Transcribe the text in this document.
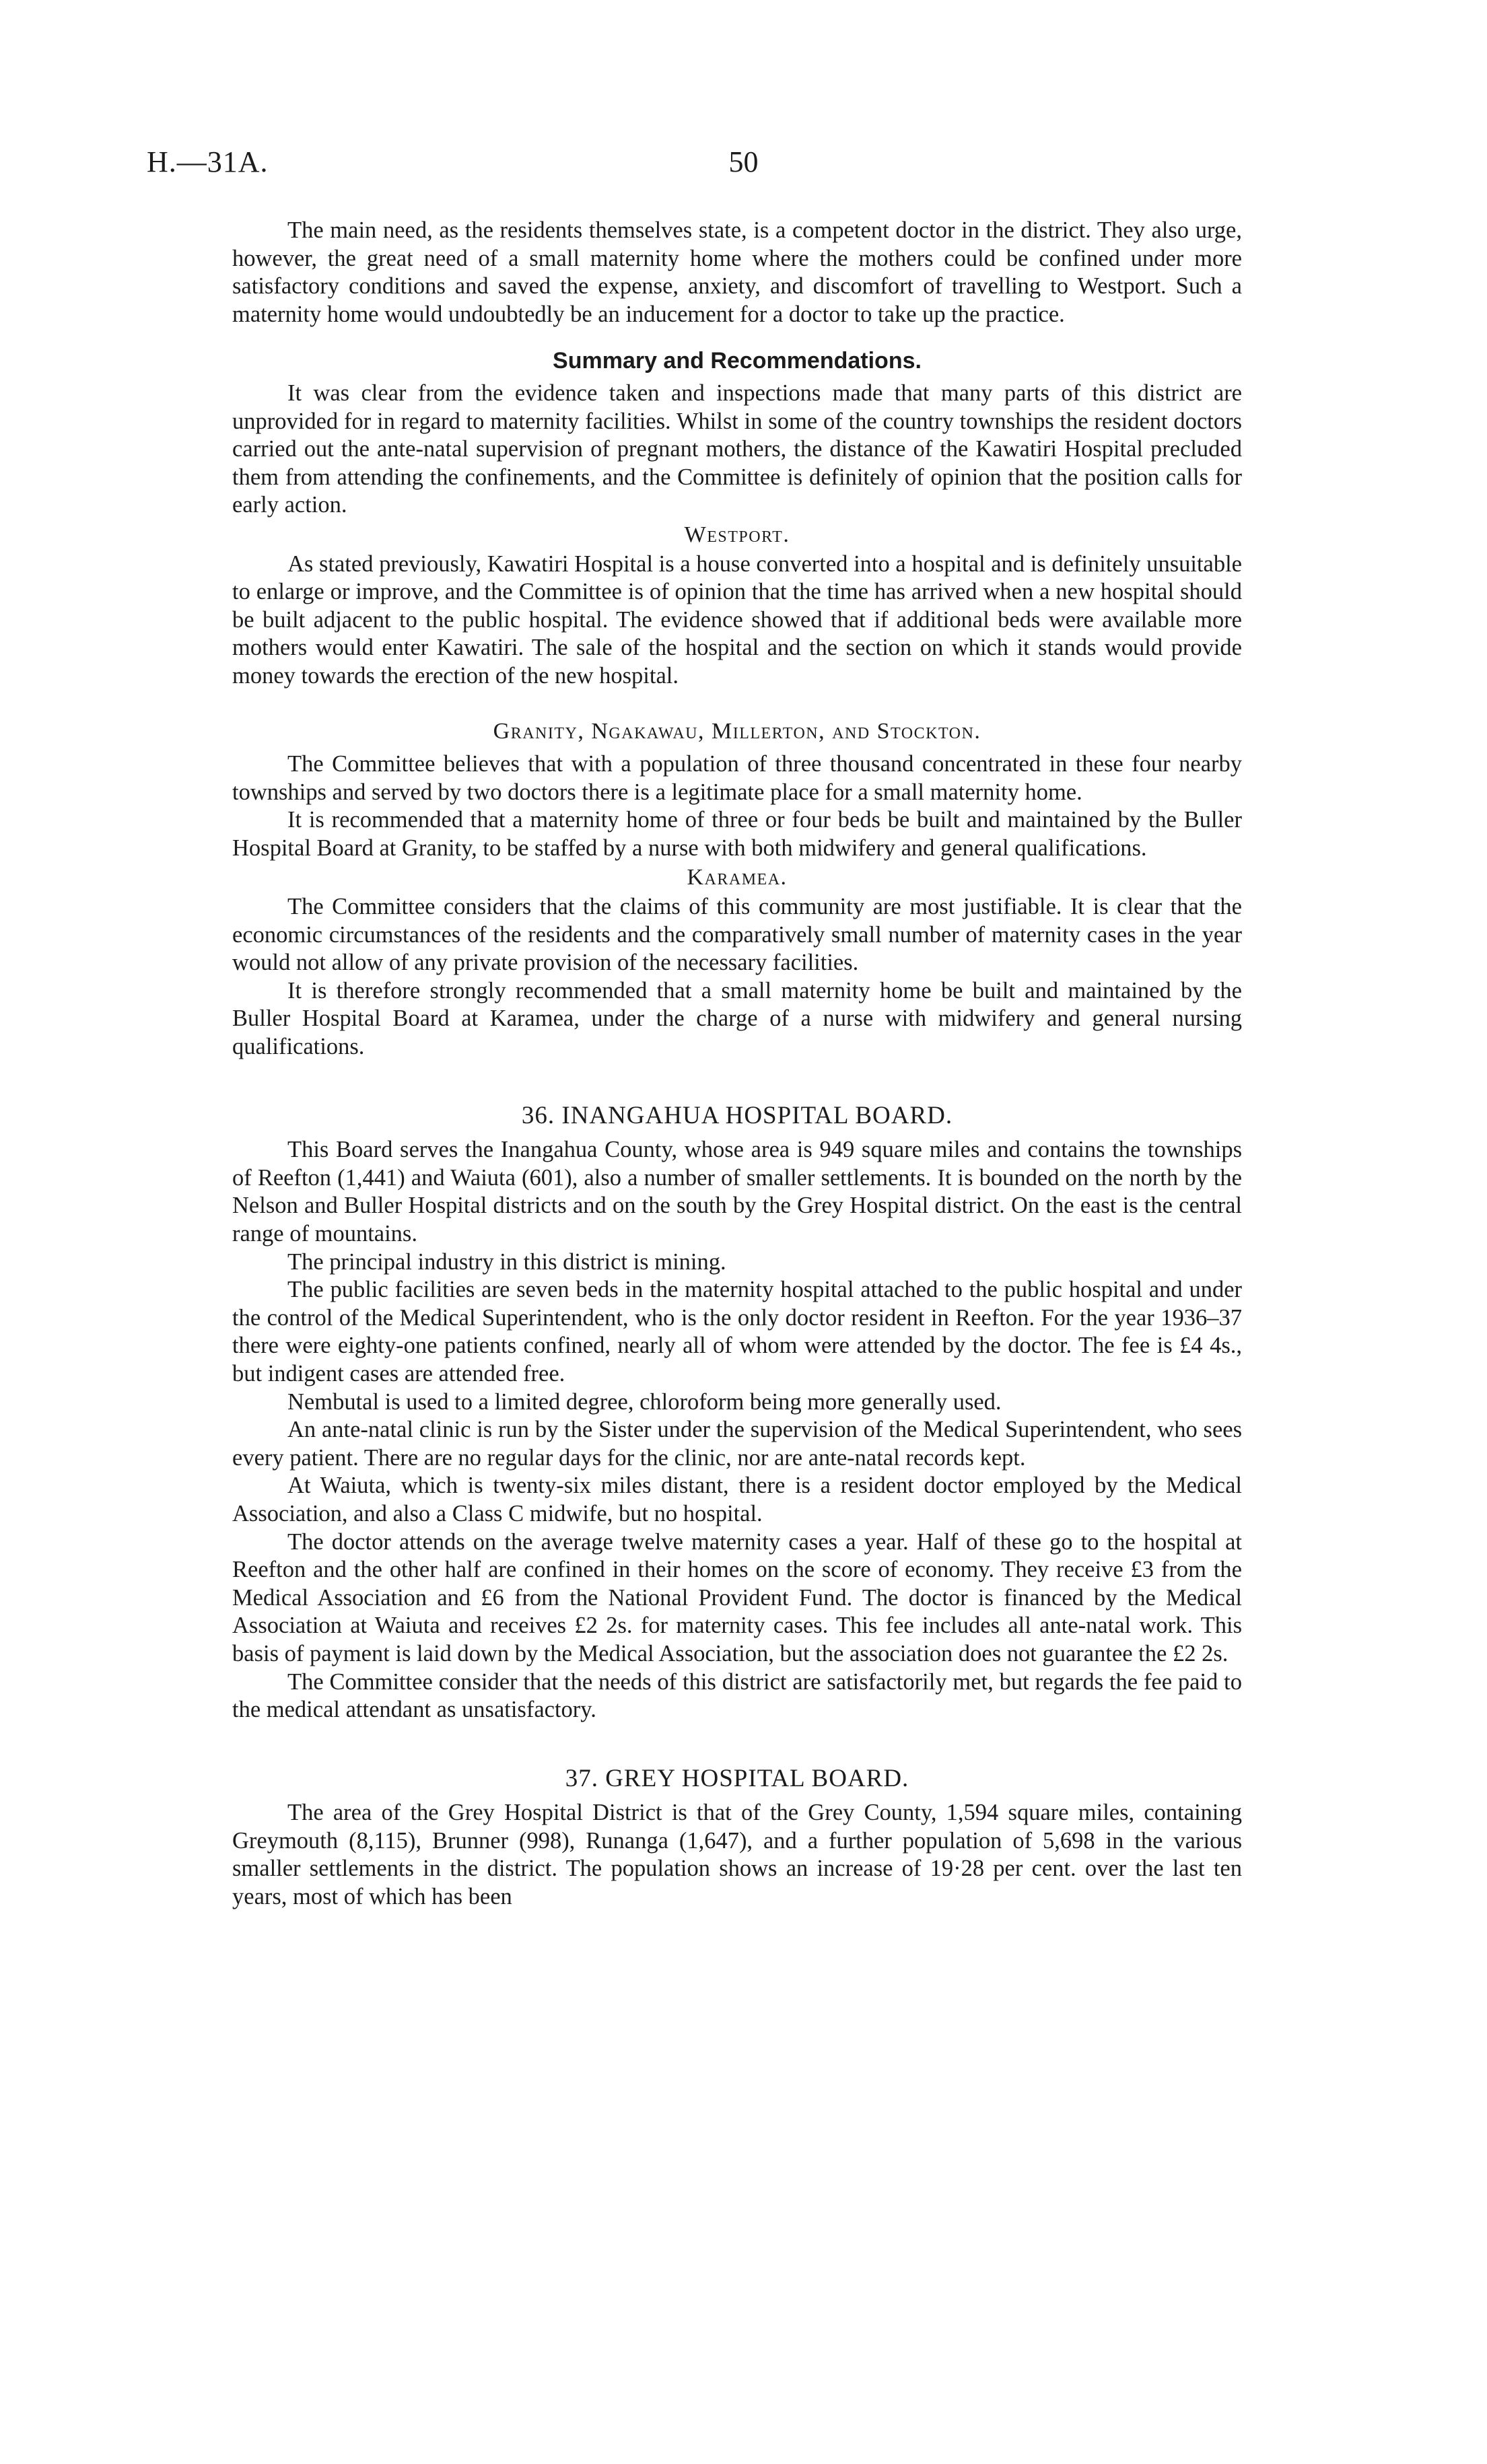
H.—31A.	50

The main need, as the residents themselves state, is a competent doctor in the district. They also urge, however, the great need of a small maternity home where the mothers could be confined under more satisfactory conditions and saved the expense, anxiety, and discomfort of travelling to Westport. Such a maternity home would undoubtedly be an inducement for a doctor to take up the practice.

Summary and Recommendations.

It was clear from the evidence taken and inspections made that many parts of this district are unprovided for in regard to maternity facilities. Whilst in some of the country townships the resident doctors carried out the ante-natal supervision of pregnant mothers, the distance of the Kawatiri Hospital precluded them from attending the confinements, and the Committee is definitely of opinion that the position calls for early action.

Westport.

As stated previously, Kawatiri Hospital is a house converted into a hospital and is definitely unsuitable to enlarge or improve, and the Committee is of opinion that the time has arrived when a new hospital should be built adjacent to the public hospital. The evidence showed that if additional beds were available more mothers would enter Kawatiri. The sale of the hospital and the section on which it stands would provide money towards the erection of the new hospital.

Granity, Ngakawau, Millerton, and Stockton.

The Committee believes that with a population of three thousand concentrated in these four nearby townships and served by two doctors there is a legitimate place for a small maternity home.

It is recommended that a maternity home of three or four beds be built and maintained by the Buller Hospital Board at Granity, to be staffed by a nurse with both midwifery and general qualifications.

Karamea.

The Committee considers that the claims of this community are most justifiable. It is clear that the economic circumstances of the residents and the comparatively small number of maternity cases in the year would not allow of any private provision of the necessary facilities.

It is therefore strongly recommended that a small maternity home be built and maintained by the Buller Hospital Board at Karamea, under the charge of a nurse with midwifery and general nursing qualifications.

36. INANGAHUA HOSPITAL BOARD.

This Board serves the Inangahua County, whose area is 949 square miles and contains the townships of Reefton (1,441) and Waiuta (601), also a number of smaller settlements. It is bounded on the north by the Nelson and Buller Hospital districts and on the south by the Grey Hospital district. On the east is the central range of mountains.

The principal industry in this district is mining.

The public facilities are seven beds in the maternity hospital attached to the public hospital and under the control of the Medical Superintendent, who is the only doctor resident in Reefton. For the year 1936–37 there were eighty-one patients confined, nearly all of whom were attended by the doctor. The fee is £4 4s., but indigent cases are attended free.

Nembutal is used to a limited degree, chloroform being more generally used.

An ante-natal clinic is run by the Sister under the supervision of the Medical Superintendent, who sees every patient. There are no regular days for the clinic, nor are ante-natal records kept.

At Waiuta, which is twenty-six miles distant, there is a resident doctor employed by the Medical Association, and also a Class C midwife, but no hospital.

The doctor attends on the average twelve maternity cases a year. Half of these go to the hospital at Reefton and the other half are confined in their homes on the score of economy. They receive £3 from the Medical Association and £6 from the National Provident Fund. The doctor is financed by the Medical Association at Waiuta and receives £2 2s. for maternity cases. This fee includes all ante-natal work. This basis of payment is laid down by the Medical Association, but the association does not guarantee the £2 2s.

The Committee consider that the needs of this district are satisfactorily met, but regards the fee paid to the medical attendant as unsatisfactory.

37. GREY HOSPITAL BOARD.

The area of the Grey Hospital District is that of the Grey County, 1,594 square miles, containing Greymouth (8,115), Brunner (998), Runanga (1,647), and a further population of 5,698 in the various smaller settlements in the district. The population shows an increase of 19·28 per cent. over the last ten years, most of which has been
